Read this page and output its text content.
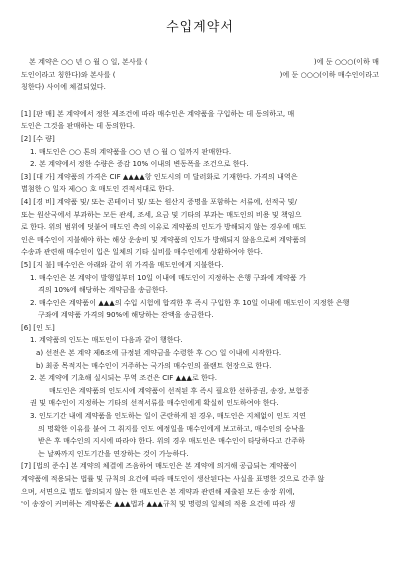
수입계약서
본 계약은 ○○ 년 ○ 월 ○ 일, 본사를 (	)에 둔 ○○○(이하 매
도인이라고 칭한다)와 본사를 (	)에 둔 ○○○(이하 매수인이라고
칭한다) 사이에 체결되었다.
[1] [판 매] 본 계약에서 정한 제조건에 따라 매수인은 계약품을 구입하는 데 동의하고, 매
도인은 그것을 판매하는 데 동의한다.
[2] [수 량]
1. 매도인은 ○○ 톤의 계약품을 ○○ 년 ○ 월 ○ 일까지 판매한다.
2. 본 계약에서 정한 수량은 증감 10% 이내의 변동폭을 조건으로 한다.
[3] [대 가] 계약품의 가격은 CIF ▲▲▲▲항 인도시의 미 달러화로 기재한다. 가격의 내역은
별첨한 ○ 일자 제○○ 호 매도인 견적서대로 한다.
[4] [경 비] 계약품 및/ 또는 콘테이너 및/ 또는 원산지 증명을 포함하는 서류에, 선적국 및/
또는 원산국에서 부과하는 모든 관세, 조세, 요금 및 기타의 부과는 매도인의 비용 및 책임으
로 한다. 위의 범위에 덧붙여 매도인 측의 이유로 계약품의 인도가 방해되지 않는 경우에 매도
인은 매수인이 지불해야 하는 해상 운송비 및 계약품의 인도가 방해되지 않음으로써 계약품의
수송과 관련해 매수인이 입은 일체의 기타 실비를 매수인에게 상환하여야 한다.
[5] [지 불] 매수인은 아래와 같이 위 가격을 매도인에게 지불한다.
1. 매수인은 본 계약이 발행일부터 10일 이내에 매도인이 지정하는 은행 구좌에 계약품 가
격의 10%에 해당하는 계약금을 송금한다.
2. 매수인은 계약품이 ▲▲▲의 수입 시험에 합격한 후 즉시 구입한 후 10일 이내에 매도인이 지정한 은행
구좌에 계약품 가격의 90%에 해당하는 잔액을 송금한다.
[6] [인 도]
1. 계약품의 인도는 매도인이 다음과 같이 행한다.
a) 선전은 본 계약 제6조에 규정된 계약금을 수령한 후 ○○ 일 이내에 시작한다.
b) 최종 목적지는 매수인이 거주하는 국가의 매수인의 플랜트 현장으로 한다.
2. 본 계약에 기초해 실시되는 무역 조건은 CIF ▲▲▲로 한다.
매도인은 계약품의 인도시에 계약품이 선적된 후 즉시 필요한 선하증권, 송장, 보험증
권 및 매수인이 지정하는 기타의 선적서류를 매수인에게 확실히 인도하여야 한다.
3. 인도기간 내에 계약품을 인도하는 일이 곤란하게 된 경우, 매도인은 지체없이 인도 지연
의 명확한 이유를 붙여 그 취지를 인도 예정일을 매수인에게 보고하고, 매수인의 승낙을
받은 후 매수인의 지시에 따라야 한다. 위의 경우 매도인은 매수인이 타당하다고 간주하
는 날짜까지 인도기간을 연장하는 것이 가능하다.
[7] [법의 준수] 본 계약의 체결에 즈음하여 매도인은 본 계약에 의거해 공급되는 계약품이
계약품에 적용되는 법률 및 규칙의 요건에 따라 매도인이 생산된다는 사실을 표명한 것으로 간주 않
으며, 서면으로 별도 합의되지 않는 한 매도인은 본 계약과 관련해 제출된 모든 송장 위에,
'이 송장이 커버하는 계약품은 ▲▲▲법과 ▲▲▲규칙 및 명령의 일체의 적용 요건에 따라 생
